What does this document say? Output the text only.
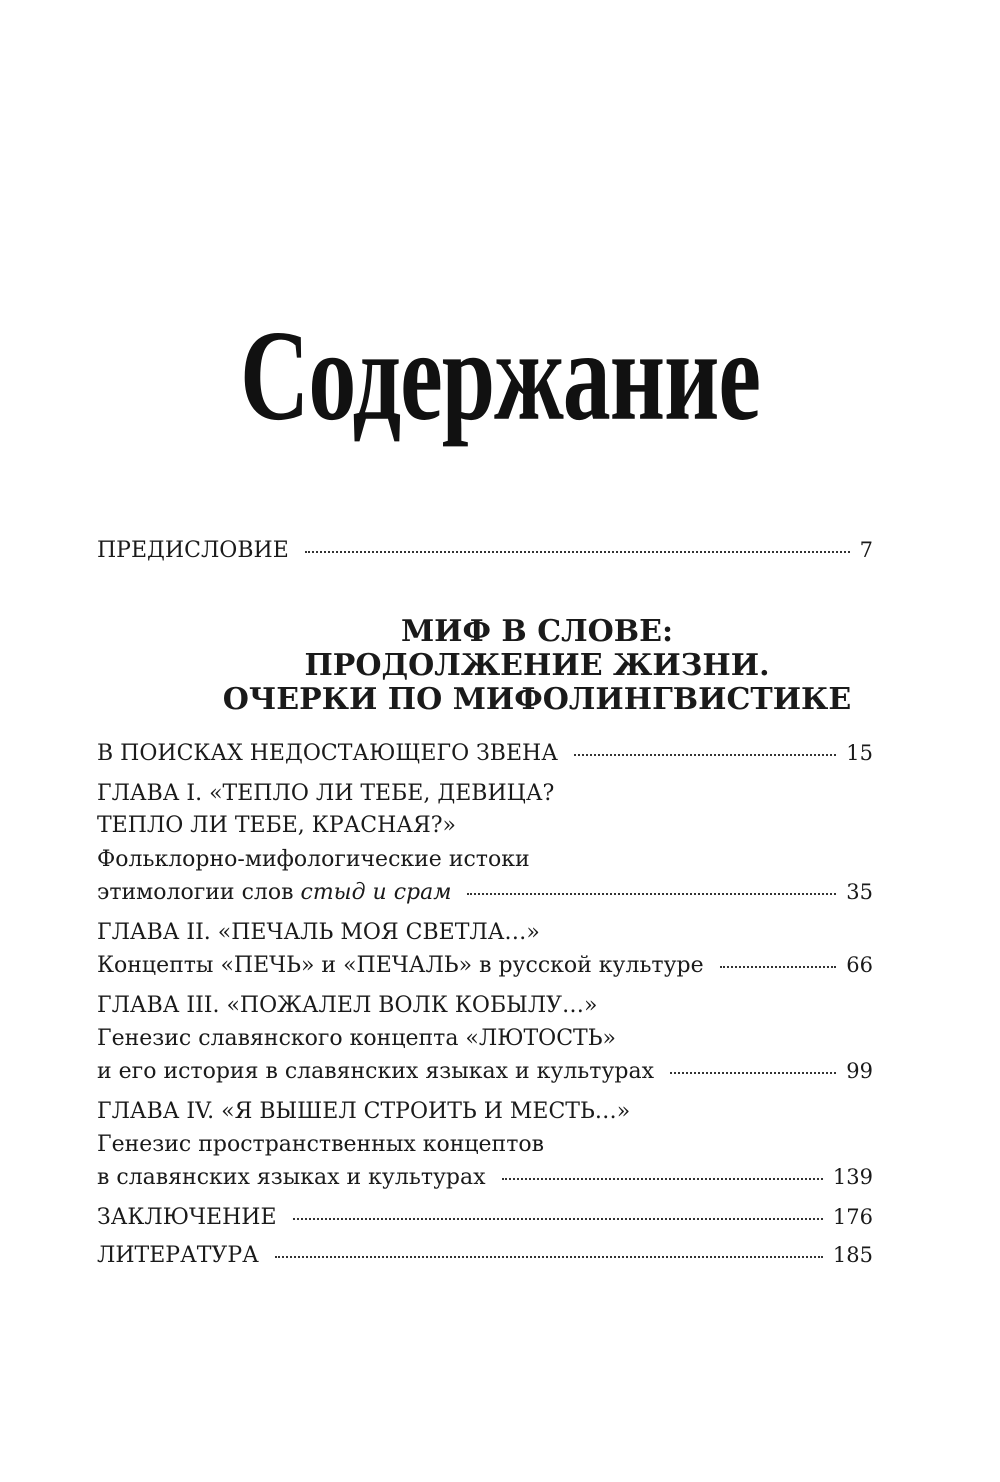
Содержание
ПРЕДИСЛОВИЕ	7
МИФ В СЛОВЕ:
ПРОДОЛЖЕНИЕ ЖИЗНИ.
ОЧЕРКИ ПО МИФОЛИНГВИСТИКЕ
В ПОИСКАХ НЕДОСТАЮЩЕГО ЗВЕНА	15
ГЛАВА I. «ТЕПЛО ЛИ ТЕБЕ, ДЕВИЦА?
ТЕПЛО ЛИ ТЕБЕ, КРАСНАЯ?»
Фольклорно-мифологические истоки
этимологии слов стыд и срам	35
ГЛАВА II. «ПЕЧАЛЬ МОЯ СВЕТЛА…»
Концепты «ПЕЧЬ» и «ПЕЧАЛЬ» в русской культуре	66
ГЛАВА III. «ПОЖАЛЕЛ ВОЛК КОБЫЛУ…»
Генезис славянского концепта «ЛЮТОСТЬ»
и его история в славянских языках и культурах	99
ГЛАВА IV. «Я ВЫШЕЛ СТРОИТЬ И МЕСТЬ…»
Генезис пространственных концептов
в славянских языках и культурах	139
ЗАКЛЮЧЕНИЕ	176
ЛИТЕРАТУРА	185
